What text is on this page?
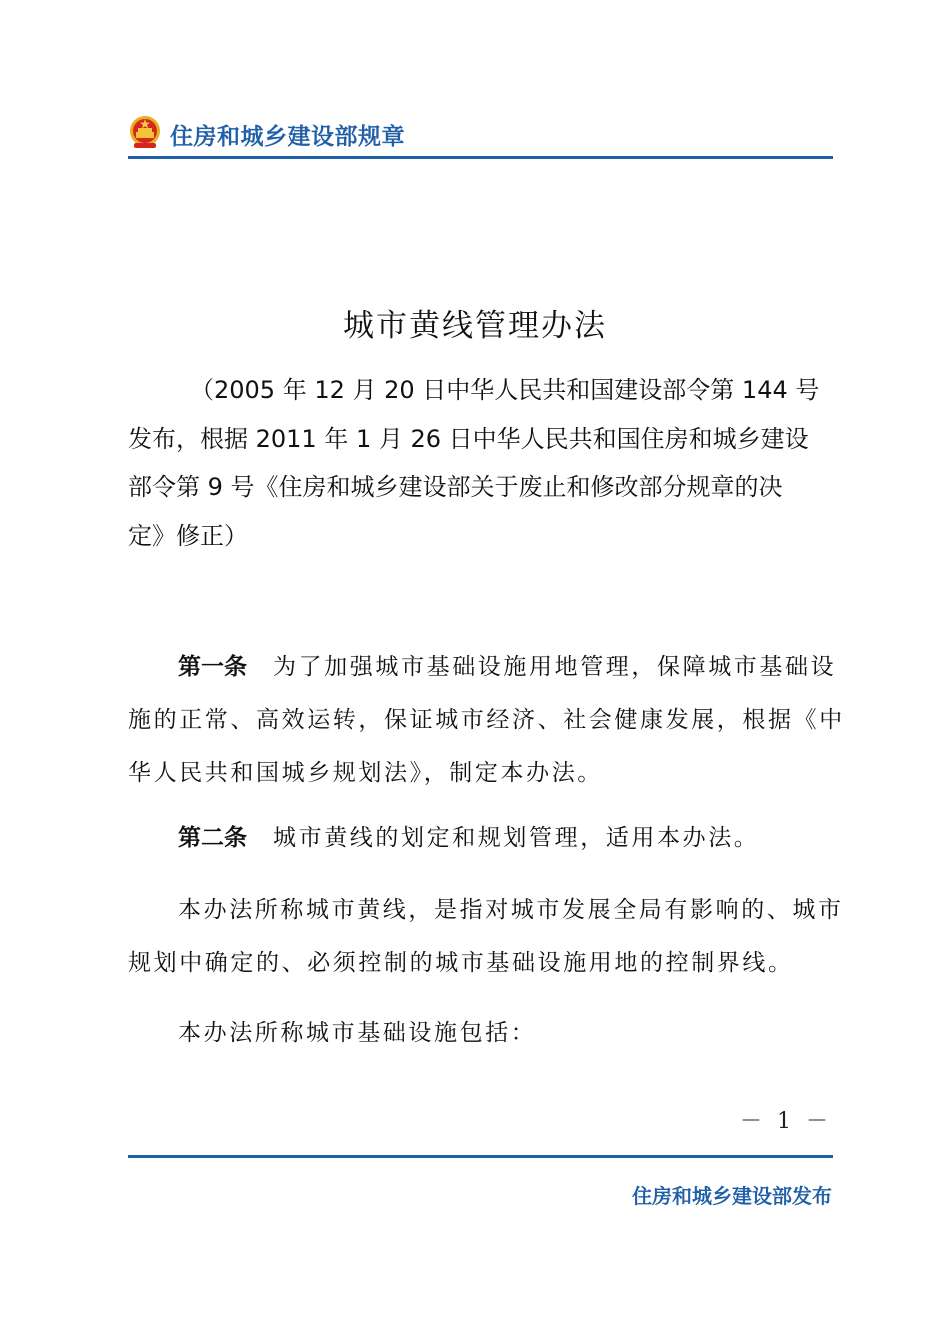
住房和城乡建设部规章
城市黄线管理办法
（2005 年 12 月 20 日中华人民共和国建设部令第 144 号
发布，根据 2011 年 1 月 26 日中华人民共和国住房和城乡建设
部令第 9 号《住房和城乡建设部关于废止和修改部分规章的决
定》修正）
第一条 为了加强城市基础设施用地管理，保障城市基础设
施的正常、高效运转，保证城市经济、社会健康发展，根据《中
华人民共和国城乡规划法》，制定本办法。
第二条 城市黄线的划定和规划管理，适用本办法。
本办法所称城市黄线，是指对城市发展全局有影响的、城市
规划中确定的、必须控制的城市基础设施用地的控制界线。
本办法所称城市基础设施包括：
－ 1 －
住房和城乡建设部发布
